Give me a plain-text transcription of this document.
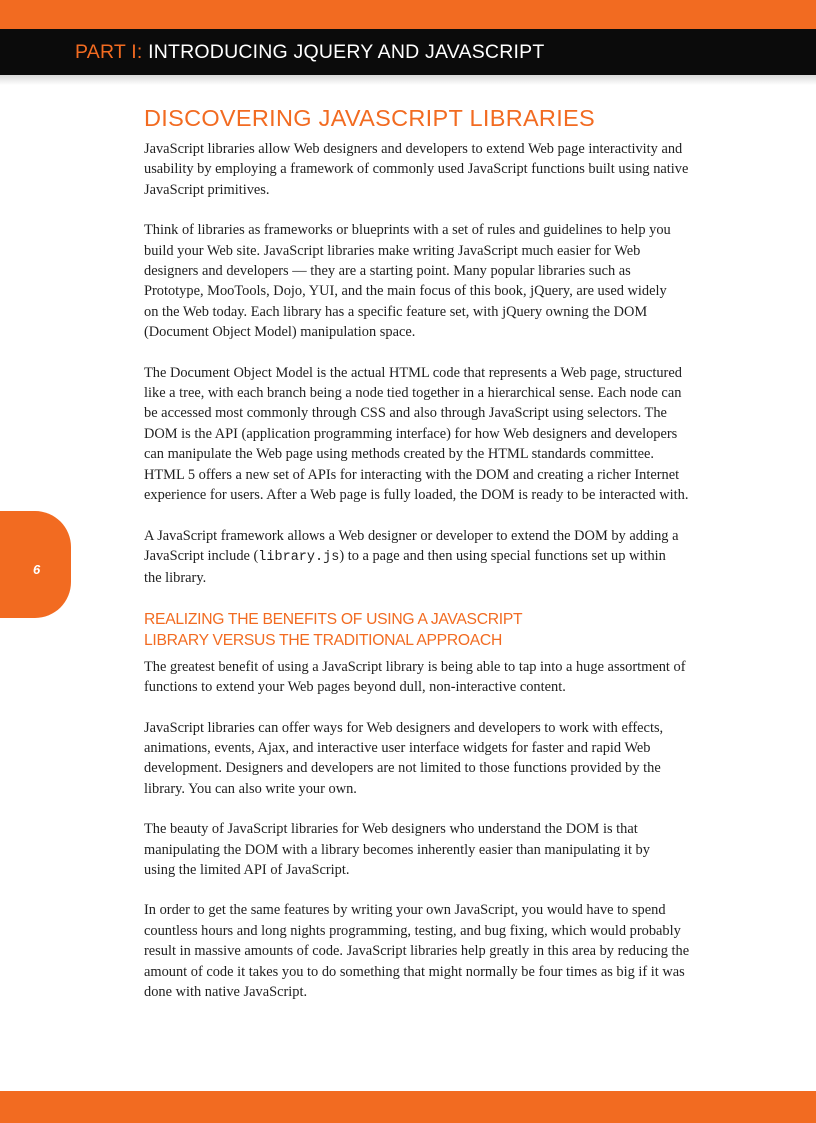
PART I: INTRODUCING JQUERY AND JAVASCRIPT
6
DISCOVERING JAVASCRIPT LIBRARIES

JavaScript libraries allow Web designers and developers to extend Web page interactivity and
usability by employing a framework of commonly used JavaScript functions built using native
JavaScript primitives.

Think of libraries as frameworks or blueprints with a set of rules and guidelines to help you
build your Web site. JavaScript libraries make writing JavaScript much easier for Web
designers and developers — they are a starting point. Many popular libraries such as
Prototype, MooTools, Dojo, YUI, and the main focus of this book, jQuery, are used widely
on the Web today. Each library has a specific feature set, with jQuery owning the DOM
(Document Object Model) manipulation space.

The Document Object Model is the actual HTML code that represents a Web page, structured
like a tree, with each branch being a node tied together in a hierarchical sense. Each node can
be accessed most commonly through CSS and also through JavaScript using selectors. The
DOM is the API (application programming interface) for how Web designers and developers
can manipulate the Web page using methods created by the HTML standards committee.
HTML 5 offers a new set of APIs for interacting with the DOM and creating a richer Internet
experience for users. After a Web page is fully loaded, the DOM is ready to be interacted with.

A JavaScript framework allows a Web designer or developer to extend the DOM by adding a
JavaScript include (library.js) to a page and then using special functions set up within
the library.

REALIZING THE BENEFITS OF USING A JAVASCRIPT
LIBRARY VERSUS THE TRADITIONAL APPROACH

The greatest benefit of using a JavaScript library is being able to tap into a huge assortment of
functions to extend your Web pages beyond dull, non-interactive content.

JavaScript libraries can offer ways for Web designers and developers to work with effects,
animations, events, Ajax, and interactive user interface widgets for faster and rapid Web
development. Designers and developers are not limited to those functions provided by the
library. You can also write your own.

The beauty of JavaScript libraries for Web designers who understand the DOM is that
manipulating the DOM with a library becomes inherently easier than manipulating it by
using the limited API of JavaScript.

In order to get the same features by writing your own JavaScript, you would have to spend
countless hours and long nights programming, testing, and bug fixing, which would probably
result in massive amounts of code. JavaScript libraries help greatly in this area by reducing the
amount of code it takes you to do something that might normally be four times as big if it was
done with native JavaScript.
